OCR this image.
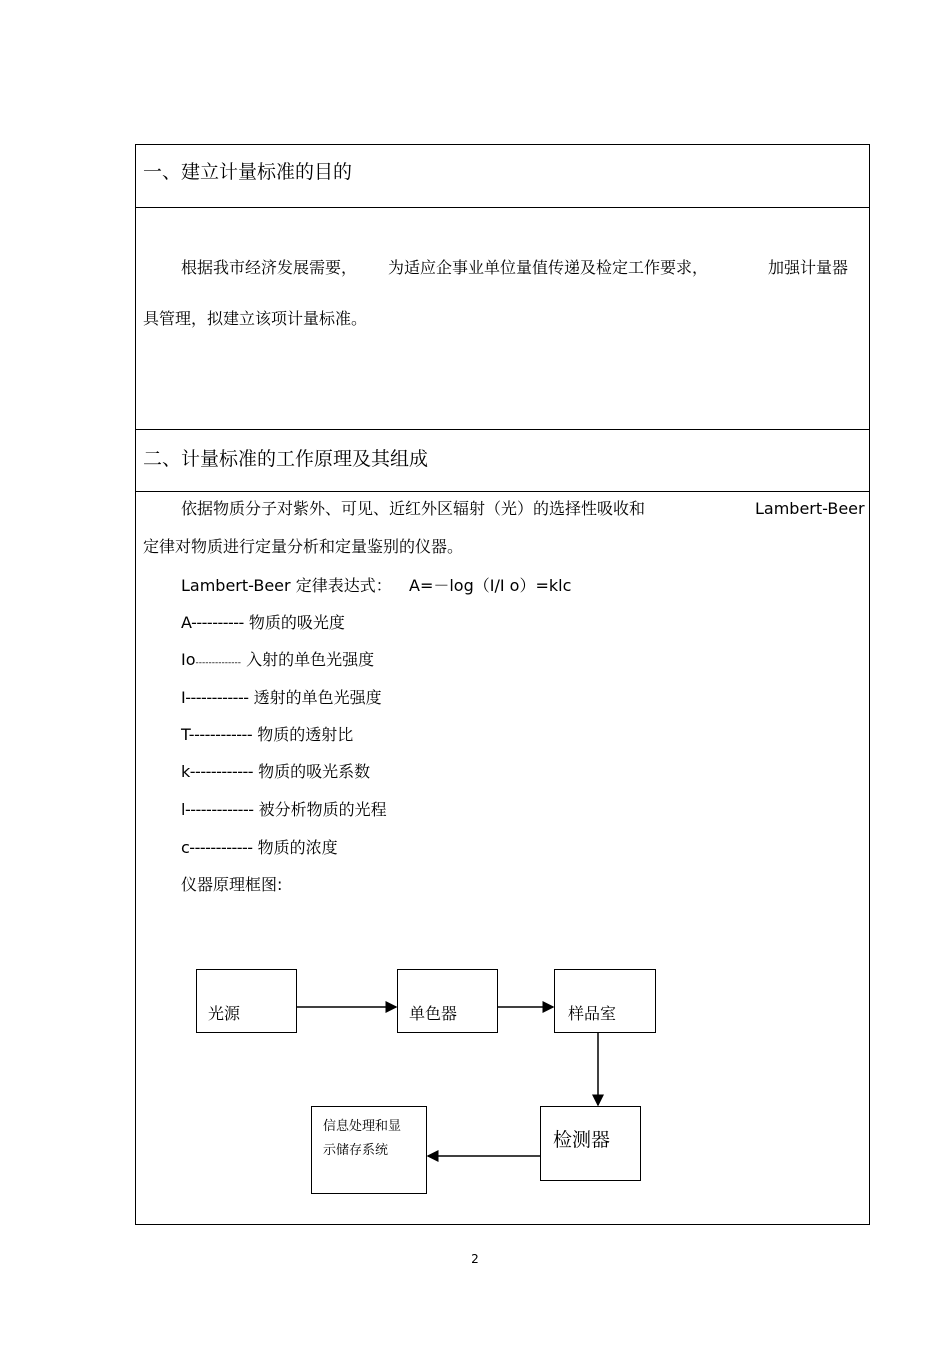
一、建立计量标准的目的
根据我市经济发展需要， 为适应企事业单位量值传递及检定工作要求，	加强计量器
具管理，拟建立该项计量标准。
二、计量标准的工作原理及其组成
依据物质分子对紫外、可见、近红外区辐射（光）的选择性吸收和	Lambert-Beer
定律对物质进行定量分析和定量鉴别的仪器。
Lambert-Beer 定律表达式： A=－log（I/I o）=klc
A---------- 物质的吸光度
Io-------------- 入射的单色光强度
I------------ 透射的单色光强度
T------------ 物质的透射比
k------------ 物质的吸光系数
l------------- 被分析物质的光程
c------------ 物质的浓度
仪器原理框图:
光源	单色器	样品室
检测器
信息处理和显示储存系统
2
